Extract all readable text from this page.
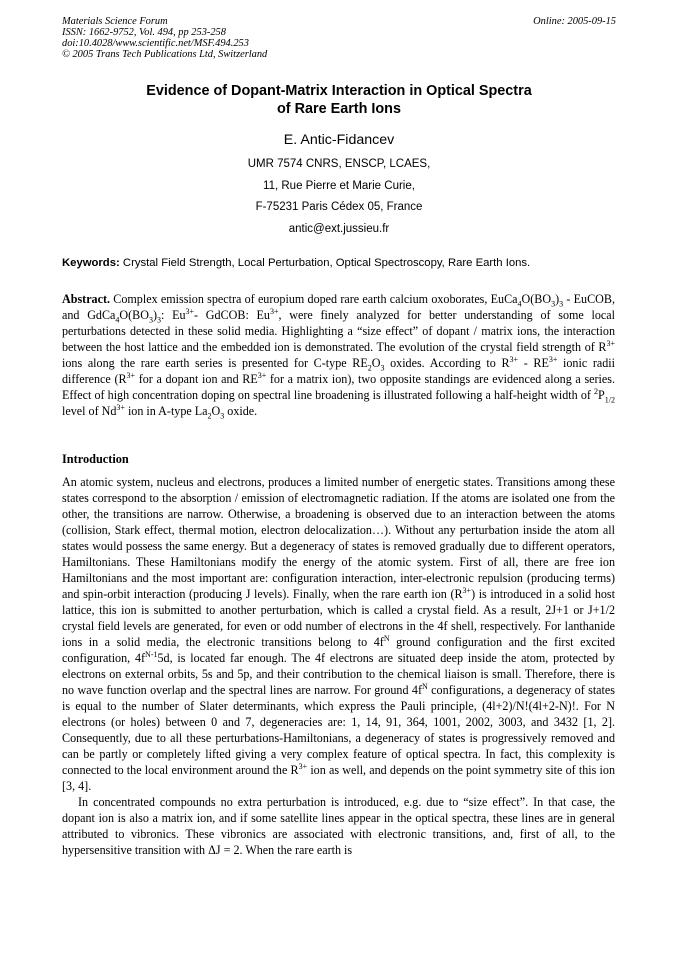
Materials Science Forum
ISSN: 1662-9752, Vol. 494, pp 253-258
doi:10.4028/www.scientific.net/MSF.494.253
© 2005 Trans Tech Publications Ltd, Switzerland
Online: 2005-09-15
Evidence of Dopant-Matrix Interaction in Optical Spectra
of Rare Earth Ions
E. Antic-Fidancev
UMR 7574 CNRS, ENSCP, LCAES,
11, Rue Pierre et Marie Curie,
F-75231 Paris Cédex 05, France
antic@ext.jussieu.fr
Keywords: Crystal Field Strength, Local Perturbation, Optical Spectroscopy, Rare Earth Ions.
Abstract. Complex emission spectra of europium doped rare earth calcium oxoborates, $EuCa_4O(BO_3)_3$ - EuCOB, and $GdCa_4O(BO_3)_3$: $Eu^{3+}-$ GdCOB: $Eu^{3+}$, were finely analyzed for better understanding of some local perturbations detected in these solid media. Highlighting a “size effect” of dopant / matrix ions, the interaction between the host lattice and the embedded ion is demonstrated. The evolution of the crystal field strength of $R^{3+}$ ions along the rare earth series is presented for C-type $RE_2O_3$ oxides. According to $R^{3+} - RE^{3+}$ ionic radii difference ($R^{3+}$ for a dopant ion and $RE^{3+}$ for a matrix ion), two opposite standings are evidenced along a series. Effect of high concentration doping on spectral line broadening is illustrated following a half-height width of $^2P_{1/2}$ level of $Nd^{3+}$ ion in A-type $La_2O_3$ oxide.
Introduction
An atomic system, nucleus and electrons, produces a limited number of energetic states. Transitions among these states correspond to the absorption / emission of electromagnetic radiation. If the atoms are isolated one from the other, the transitions are narrow. Otherwise, a broadening is observed due to an interaction between the atoms (collision, Stark effect, thermal motion, electron delocalization…). Without any perturbation inside the atom all states would possess the same energy. But a degeneracy of states is removed gradually due to different operators, Hamiltonians. These Hamiltonians modify the energy of the atomic system. First of all, there are free ion Hamiltonians and the most important are: configuration interaction, inter-electronic repulsion (producing terms) and spin-orbit interaction (producing J levels). Finally, when the rare earth ion $(R^{3+})$ is introduced in a solid host lattice, this ion is submitted to another perturbation, which is called a crystal field. As a result, 2J+1 or J+1/2 crystal field levels are generated, for even or odd number of electrons in the 4f shell, respectively. For lanthanide ions in a solid media, the electronic transitions belong to $4f^N$ ground configuration and the first excited configuration, $4f^{N-1}5d$, is located far enough. The 4f electrons are situated deep inside the atom, protected by electrons on external orbits, 5s and 5p, and their contribution to the chemical liaison is small. Therefore, there is no wave function overlap and the spectral lines are narrow. For ground $4f^N$ configurations, a degeneracy of states is equal to the number of Slater determinants, which express the Pauli principle, (4l+2)/N!(4l+2-N)!. For N electrons (or holes) between 0 and 7, degeneracies are: 1, 14, 91, 364, 1001, 2002, 3003, and 3432 [1, 2]. Consequently, due to all these perturbations-Hamiltonians, a degeneracy of states is progressively removed and can be partly or completely lifted giving a very complex feature of optical spectra. In fact, this complexity is connected to the local environment around the $R^{3+}$ ion as well, and depends on the point symmetry site of this ion [3, 4].
In concentrated compounds no extra perturbation is introduced, e.g. due to “size effect”. In that case, the dopant ion is also a matrix ion, and if some satellite lines appear in the optical spectra, these lines are in general attributed to vibronics. These vibronics are associated with electronic transitions, and, first of all, to the hypersensitive transition with ΔJ = 2. When the rare earth is
